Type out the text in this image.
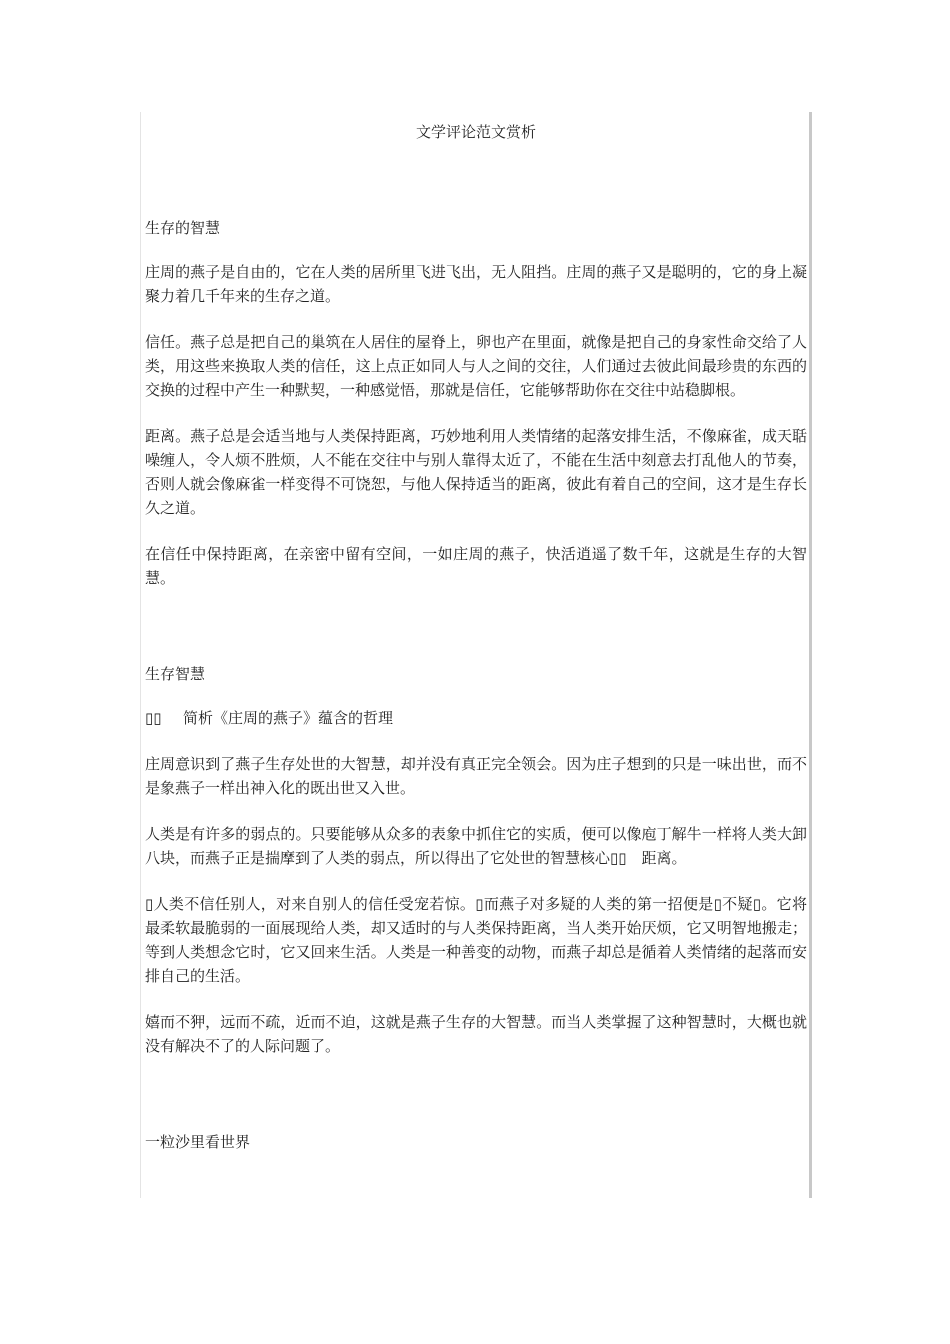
文学评论范文赏析

生存的智慧

庄周的燕子是自由的，它在人类的居所里飞进飞出，无人阻挡。庄周的燕子又是聪明的，它的身上凝聚力着几千年来的生存之道。

信任。燕子总是把自己的巢筑在人居住的屋脊上，卵也产在里面，就像是把自己的身家性命交给了人类，用这些来换取人类的信任，这上点正如同人与人之间的交往，人们通过去彼此间最珍贵的东西的交换的过程中产生一种默契，一种感觉悟，那就是信任，它能够帮助你在交往中站稳脚根。

距离。燕子总是会适当地与人类保持距离，巧妙地利用人类情绪的起落安排生活，不像麻雀，成天聒噪缠人，令人烦不胜烦，人不能在交往中与别人靠得太近了，不能在生活中刻意去打乱他人的节奏，否则人就会像麻雀一样变得不可饶恕，与他人保持适当的距离，彼此有着自己的空间，这才是生存长久之道。

在信任中保持距离，在亲密中留有空间，一如庄周的燕子，快活逍遥了数千年，这就是生存的大智慧。

生存智慧

▯▯ 简析《庄周的燕子》蕴含的哲理

庄周意识到了燕子生存处世的大智慧，却并没有真正完全领会。因为庄子想到的只是一味出世，而不是象燕子一样出神入化的既出世又入世。

人类是有许多的弱点的。只要能够从众多的表象中抓住它的实质，便可以像庖丁解牛一样将人类大卸八块，而燕子正是揣摩到了人类的弱点，所以得出了它处世的智慧核心▯▯　距离。

▯人类不信任别人，对来自别人的信任受宠若惊。▯而燕子对多疑的人类的第一招便是▯不疑▯。它将最柔软最脆弱的一面展现给人类，却又适时的与人类保持距离，当人类开始厌烦，它又明智地搬走；等到人类想念它时，它又回来生活。人类是一种善变的动物，而燕子却总是循着人类情绪的起落而安排自己的生活。

嬉而不狎，远而不疏，近而不迫，这就是燕子生存的大智慧。而当人类掌握了这种智慧时，大概也就没有解决不了的人际问题了。

一粒沙里看世界
